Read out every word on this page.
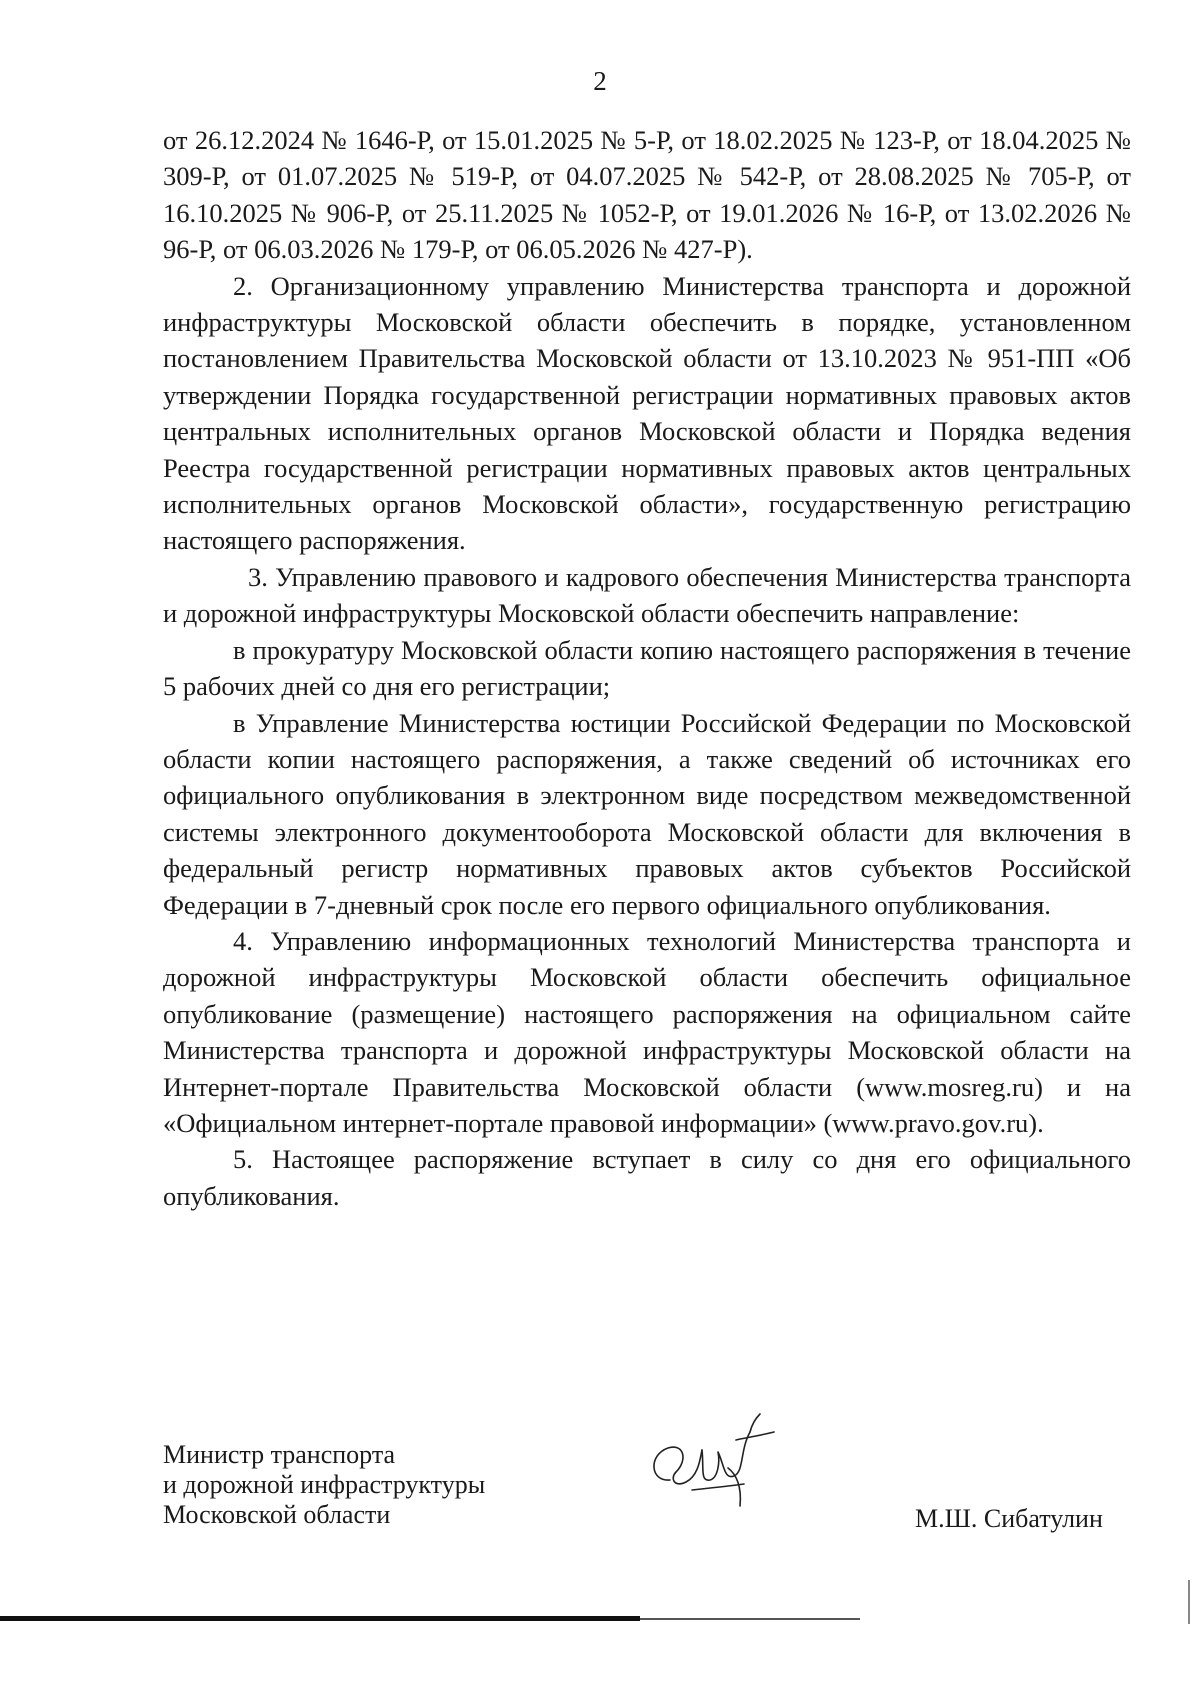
2

от 26.12.2024 № 1646-Р, от 15.01.2025 № 5-Р, от 18.02.2025 № 123-Р, от 18.04.2025 № 309-Р, от 01.07.2025 № 519-Р, от 04.07.2025 № 542-Р, от 28.08.2025 № 705-Р, от 16.10.2025 № 906-Р, от 25.11.2025 № 1052-Р, от 19.01.2026 № 16-Р, от 13.02.2026 № 96-Р, от 06.03.2026 № 179-Р, от 06.05.2026 № 427-Р).

2. Организационному управлению Министерства транспорта и дорожной инфраструктуры Московской области обеспечить в порядке, установленном постановлением Правительства Московской области от 13.10.2023 № 951-ПП «Об утверждении Порядка государственной регистрации нормативных правовых актов центральных исполнительных органов Московской области и Порядка ведения Реестра государственной регистрации нормативных правовых актов центральных исполнительных органов Московской области», государственную регистрацию настоящего распоряжения.

3. Управлению правового и кадрового обеспечения Министерства транспорта и дорожной инфраструктуры Московской области обеспечить направление:

в прокуратуру Московской области копию настоящего распоряжения в течение 5 рабочих дней со дня его регистрации;

в Управление Министерства юстиции Российской Федерации по Московской области копии настоящего распоряжения, а также сведений об источниках его официального опубликования в электронном виде посредством межведомственной системы электронного документооборота Московской области для включения в федеральный регистр нормативных правовых актов субъектов Российской Федерации в 7-дневный срок после его первого официального опубликования.

4. Управлению информационных технологий Министерства транспорта и дорожной инфраструктуры Московской области обеспечить официальное опубликование (размещение) настоящего распоряжения на официальном сайте Министерства транспорта и дорожной инфраструктуры Московской области на Интернет-портале Правительства Московской области (www.mosreg.ru) и на «Официальном интернет-портале правовой информации» (www.pravo.gov.ru).

5. Настоящее распоряжение вступает в силу со дня его официального опубликования.

Министр транспорта
и дорожной инфраструктуры
Московской области	М.Ш. Сибатулин
